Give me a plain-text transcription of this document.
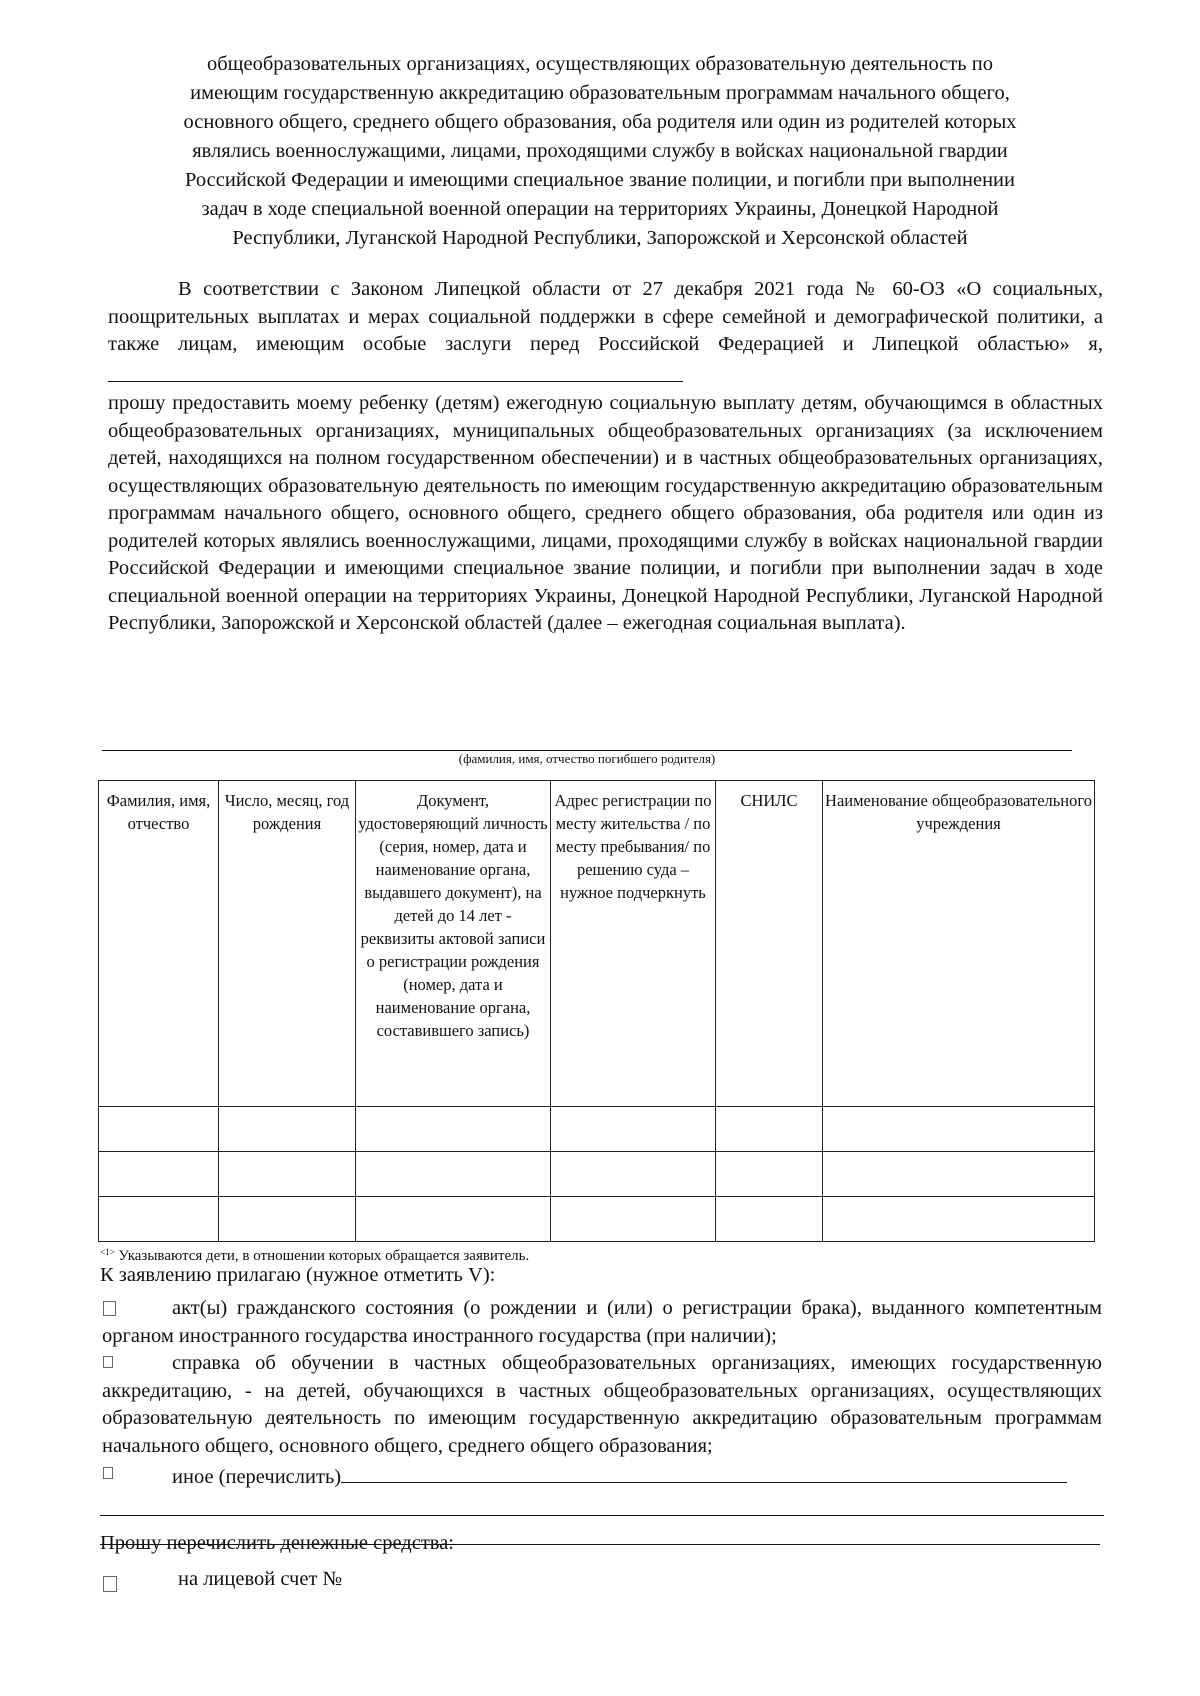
общеобразовательных организациях, осуществляющих образовательную деятельность по
имеющим государственную аккредитацию образовательным программам начального общего,
основного общего, среднего общего образования, оба родителя или один из родителей которых
являлись военнослужащими, лицами, проходящими службу в войсках национальной гвардии
Российской Федерации и имеющими специальное звание полиции, и погибли при выполнении
задач в ходе специальной военной операции на территориях Украины, Донецкой Народной
Республики, Луганской Народной Республики, Запорожской и Херсонской областей
В соответствии с Законом Липецкой области от 27 декабря 2021 года № 60-ОЗ «О социальных, поощрительных выплатах и мерах социальной поддержки в сфере семейной и демографической политики, а также лицам, имеющим особые заслуги перед Российской Федерацией и Липецкой областью» я,
прошу предоставить моему ребенку (детям) ежегодную социальную выплату детям, обучающимся в областных общеобразовательных организациях, муниципальных общеобразовательных организациях (за исключением детей, находящихся на полном государственном обеспечении) и в частных общеобразовательных организациях, осуществляющих образовательную деятельность по имеющим государственную аккредитацию образовательным программам начального общего, основного общего, среднего общего образования, оба родителя или один из родителей которых являлись военнослужащими, лицами, проходящими службу в войсках национальной гвардии Российской Федерации и имеющими специальное звание полиции, и погибли при выполнении задач в ходе специальной военной операции на территориях Украины, Донецкой Народной Республики, Луганской Народной Республики, Запорожской и Херсонской областей (далее – ежегодная социальная выплата).
(фамилия, имя, отчество погибшего родителя)
Фамилия, имя, отчество	Число, месяц, год рождения	Документ, удостоверяющий личность (серия, номер, дата и наименование органа, выдавшего документ), на детей до 14 лет - реквизиты актовой записи о регистрации рождения (номер, дата и наименование органа, составившего запись)	Адрес регистрации по месту жительства / по месту пребывания/ по решению суда – нужное подчеркнуть	СНИЛС	Наименование общеобразовательного учреждения

$^{<1>}$ Указываются дети, в отношении которых обращается заявитель.
К заявлению прилагаю (нужное отметить V):
акт(ы) гражданского состояния (о рождении и (или) о регистрации брака), выданного компетентным органом иностранного государства иностранного государства (при наличии);
справка об обучении в частных общеобразовательных организациях, имеющих государственную аккредитацию, - на детей, обучающихся в частных общеобразовательных организациях, осуществляющих образовательную деятельность по имеющим государственную аккредитацию образовательным программам начального общего, основного общего, среднего общего образования;
иное (перечислить)
Прошу перечислить денежные средства:
на лицевой счет №
